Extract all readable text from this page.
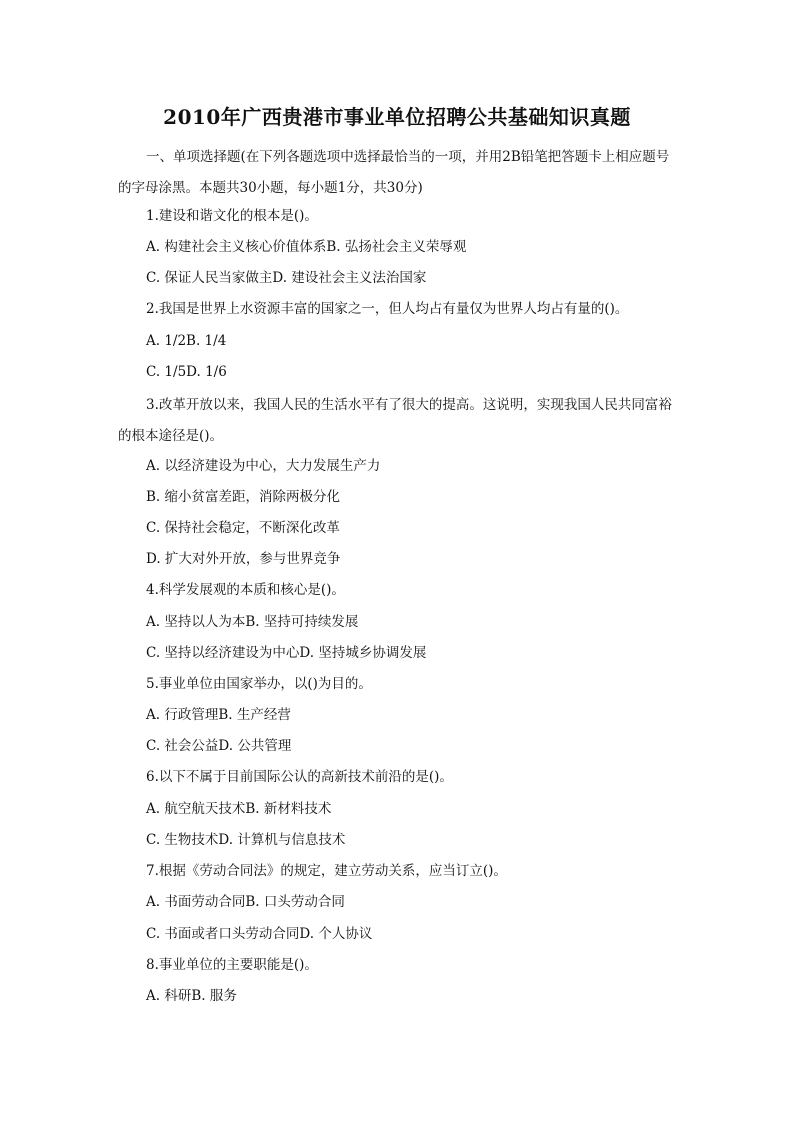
2010年广西贵港市事业单位招聘公共基础知识真题

一、单项选择题(在下列各题选项中选择最恰当的一项，并用2B铅笔把答题卡上相应题号的字母涂黑。本题共30小题，每小题1分，共30分)

1.建设和谐文化的根本是()。

A. 构建社会主义核心价值体系B. 弘扬社会主义荣辱观

C. 保证人民当家做主D. 建设社会主义法治国家

2.我国是世界上水资源丰富的国家之一，但人均占有量仅为世界人均占有量的()。

A. 1/2B. 1/4

C. 1/5D. 1/6

3.改革开放以来，我国人民的生活水平有了很大的提高。这说明，实现我国人民共同富裕的根本途径是()。

A. 以经济建设为中心，大力发展生产力

B. 缩小贫富差距，消除两极分化

C. 保持社会稳定，不断深化改革

D. 扩大对外开放，参与世界竞争

4.科学发展观的本质和核心是()。

A. 坚持以人为本B. 坚持可持续发展

C. 坚持以经济建设为中心D. 坚持城乡协调发展

5.事业单位由国家举办，以()为目的。

A. 行政管理B. 生产经营

C. 社会公益D. 公共管理

6.以下不属于目前国际公认的高新技术前沿的是()。

A. 航空航天技术B. 新材料技术

C. 生物技术D. 计算机与信息技术

7.根据《劳动合同法》的规定，建立劳动关系，应当订立()。

A. 书面劳动合同B. 口头劳动合同

C. 书面或者口头劳动合同D. 个人协议

8.事业单位的主要职能是()。

A. 科研B. 服务
